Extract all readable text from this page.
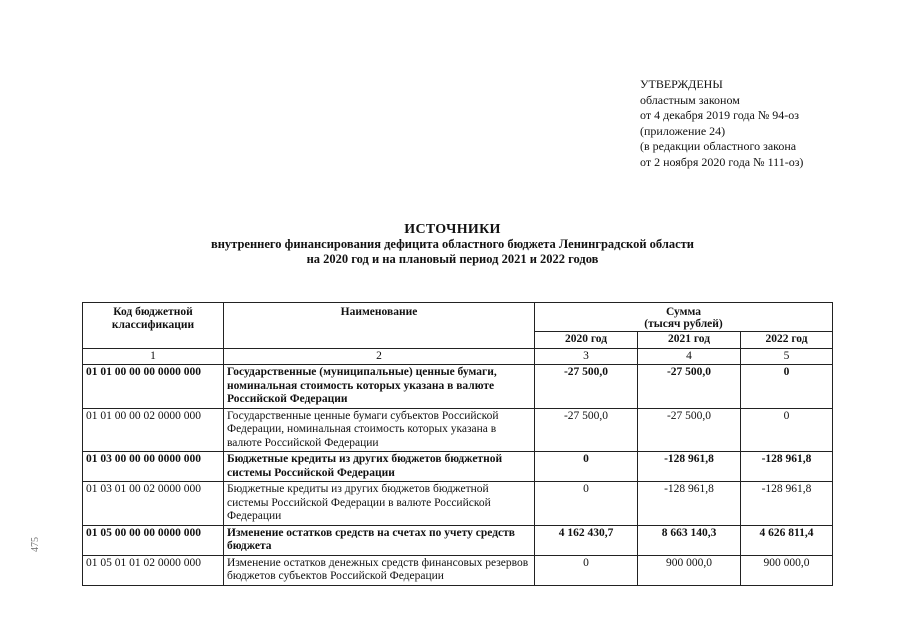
УТВЕРЖДЕНЫ
областным законом
от 4 декабря 2019 года № 94-оз
(приложение 24)
(в редакции областного закона
от 2 ноября 2020 года № 111-оз)
ИСТОЧНИКИ
внутреннего финансирования дефицита областного бюджета Ленинградской области
на 2020 год и на плановый период 2021 и 2022 годов
Код бюджетной классификации	Наименование	Сумма
(тысяч рублей)		

		2020 год	2021 год	2022 год
1	2	3	4	5
01 01 00 00 00 0000 000	Государственные (муниципальные) ценные бумаги, номинальная стоимость которых указана в валюте Российской Федерации	-27 500,0	-27 500,0	0
01 01 00 00 02 0000 000	Государственные ценные бумаги субъектов Российской Федерации, номинальная стоимость которых указана в валюте Российской Федерации	-27 500,0	-27 500,0	0
01 03 00 00 00 0000 000	Бюджетные кредиты из других бюджетов бюджетной системы Российской Федерации	0	-128 961,8	-128 961,8
01 03 01 00 02 0000 000	Бюджетные кредиты из других бюджетов бюджетной системы Российской Федерации в валюте Российской Федерации	0	-128 961,8	-128 961,8
01 05 00 00 00 0000 000	Изменение остатков средств на счетах по учету средств бюджета	4 162 430,7	8 663 140,3	4 626 811,4
01 05 01 01 02 0000 000	Изменение остатков денежных средств финансовых резервов бюджетов субъектов Российской Федерации	0	900 000,0	900 000,0
475
